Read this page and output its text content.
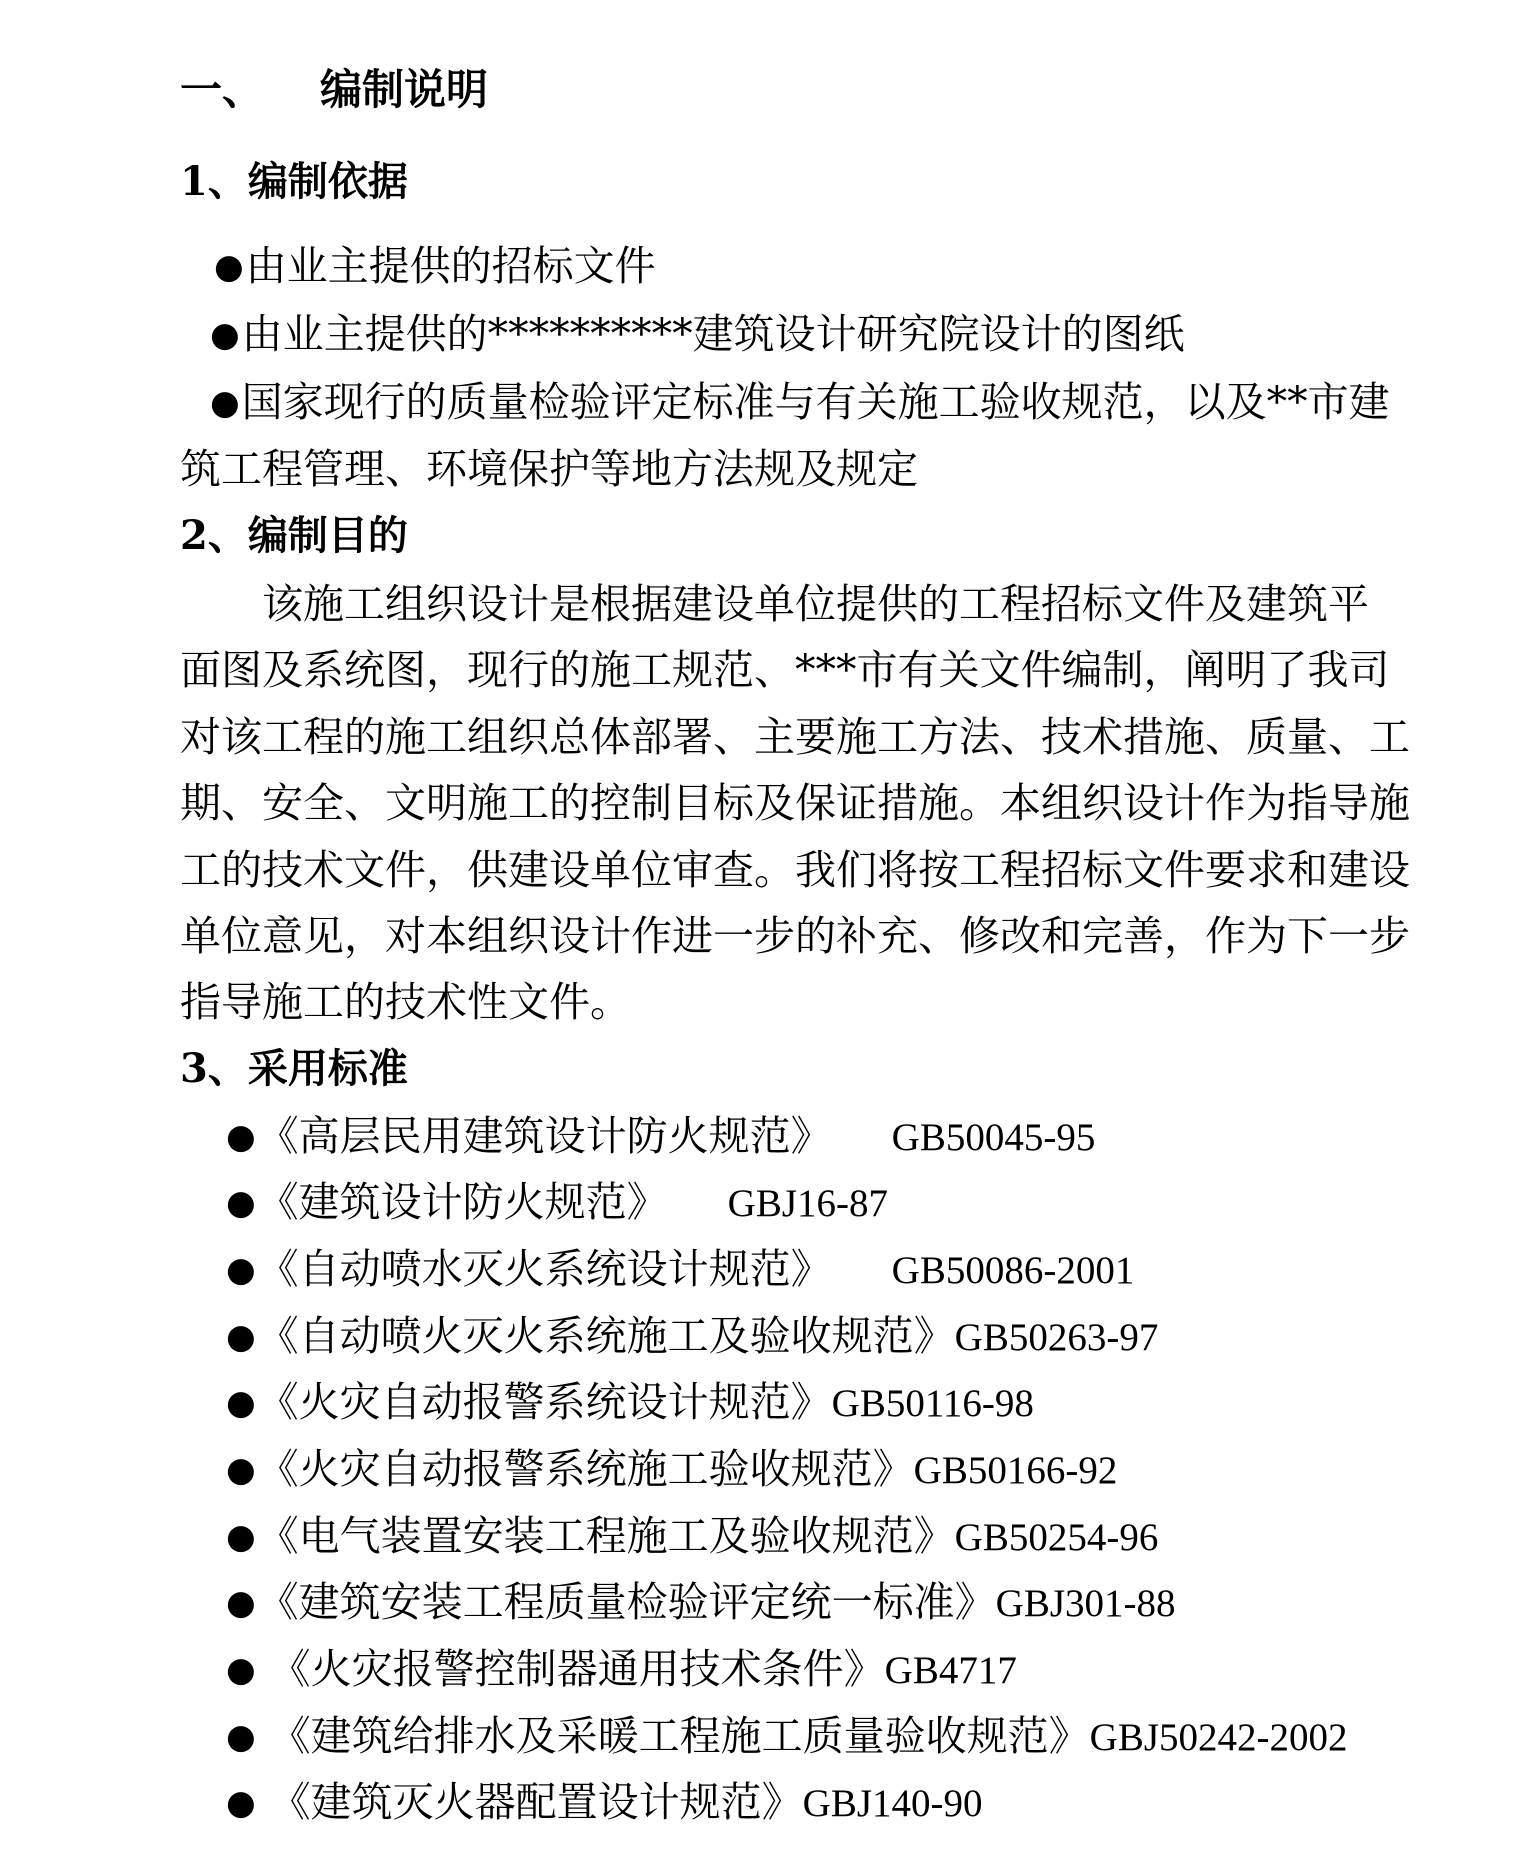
一、 编制说明
1、编制依据
●由业主提供的招标文件
●由业主提供的**********建筑设计研究院设计的图纸
●国家现行的质量检验评定标准与有关施工验收规范，以及**市建
筑工程管理、环境保护等地方法规及规定
2、编制目的
该施工组织设计是根据建设单位提供的工程招标文件及建筑平
面图及系统图，现行的施工规范、***市有关文件编制，阐明了我司
对该工程的施工组织总体部署、主要施工方法、技术措施、质量、工
期、安全、文明施工的控制目标及保证措施。本组织设计作为指导施
工的技术文件，供建设单位审查。我们将按工程招标文件要求和建设
单位意见，对本组织设计作进一步的补充、修改和完善，作为下一步
指导施工的技术性文件。
3、采用标准
●《高层民用建筑设计防火规范》 GB50045-95
●《建筑设计防火规范》 GBJ16-87
●《自动喷水灭火系统设计规范》 GB50086-2001
●《自动喷火灭火系统施工及验收规范》GB50263-97
●《火灾自动报警系统设计规范》GB50116-98
●《火灾自动报警系统施工验收规范》GB50166-92
●《电气装置安装工程施工及验收规范》GB50254-96
●《建筑安装工程质量检验评定统一标准》GBJ301-88
● 《火灾报警控制器通用技术条件》GB4717
● 《建筑给排水及采暖工程施工质量验收规范》GBJ50242-2002
● 《建筑灭火器配置设计规范》GBJ140-90
